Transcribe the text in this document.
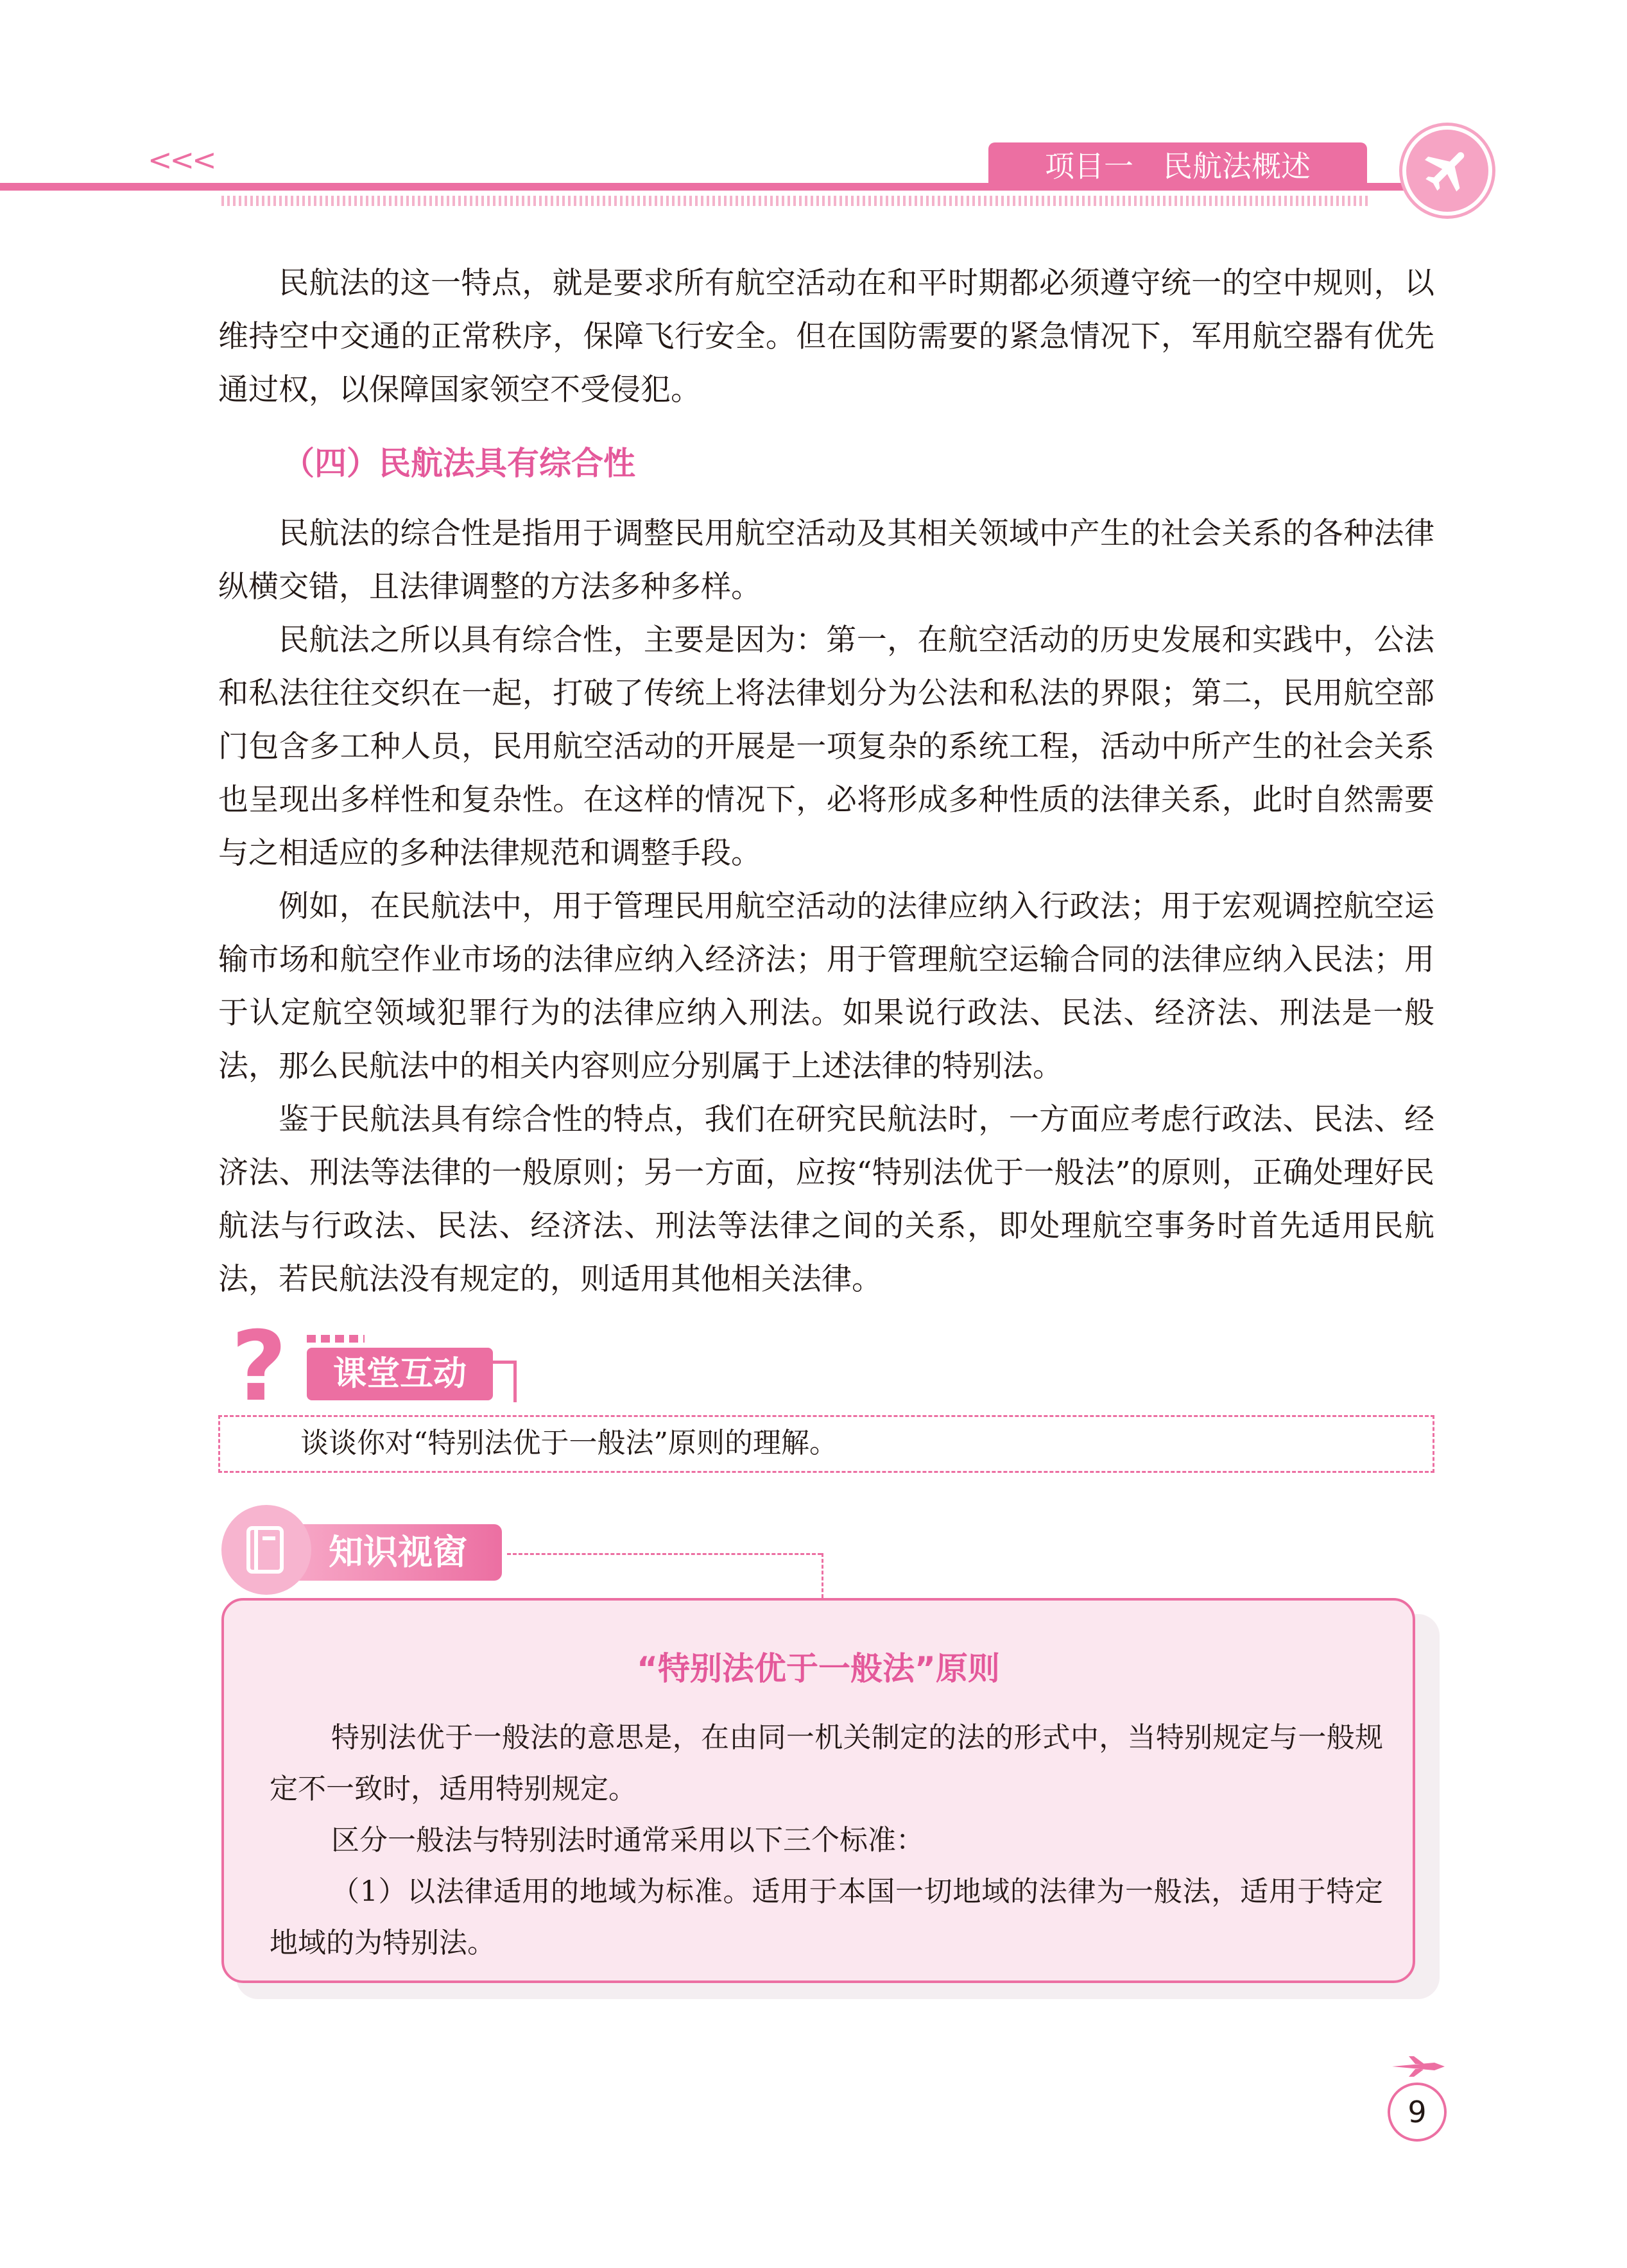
<<<	项目一　民航法概述

民航法的这一特点，就是要求所有航空活动在和平时期都必须遵守统一的空中规则，以维持空中交通的正常秩序，保障飞行安全。但在国防需要的紧急情况下，军用航空器有优先通过权，以保障国家领空不受侵犯。

（四）民航法具有综合性

民航法的综合性是指用于调整民用航空活动及其相关领域中产生的社会关系的各种法律纵横交错，且法律调整的方法多种多样。

民航法之所以具有综合性，主要是因为：第一，在航空活动的历史发展和实践中，公法和私法往往交织在一起，打破了传统上将法律划分为公法和私法的界限；第二，民用航空部门包含多工种人员，民用航空活动的开展是一项复杂的系统工程，活动中所产生的社会关系也呈现出多样性和复杂性。在这样的情况下，必将形成多种性质的法律关系，此时自然需要与之相适应的多种法律规范和调整手段。

例如，在民航法中，用于管理民用航空活动的法律应纳入行政法；用于宏观调控航空运输市场和航空作业市场的法律应纳入经济法；用于管理航空运输合同的法律应纳入民法；用于认定航空领域犯罪行为的法律应纳入刑法。如果说行政法、民法、经济法、刑法是一般法，那么民航法中的相关内容则应分别属于上述法律的特别法。

鉴于民航法具有综合性的特点，我们在研究民航法时，一方面应考虑行政法、民法、经济法、刑法等法律的一般原则；另一方面，应按“特别法优于一般法”的原则，正确处理好民航法与行政法、民法、经济法、刑法等法律之间的关系，即处理航空事务时首先适用民航法，若民航法没有规定的，则适用其他相关法律。

?	课堂互动

谈谈你对“特别法优于一般法”原则的理解。

知识视窗
“特别法优于一般法”原则

特别法优于一般法的意思是，在由同一机关制定的法的形式中，当特别规定与一般规定不一致时，适用特别规定。

区分一般法与特别法时通常采用以下三个标准：

（1）以法律适用的地域为标准。适用于本国一切地域的法律为一般法，适用于特定地域的为特别法。

9
